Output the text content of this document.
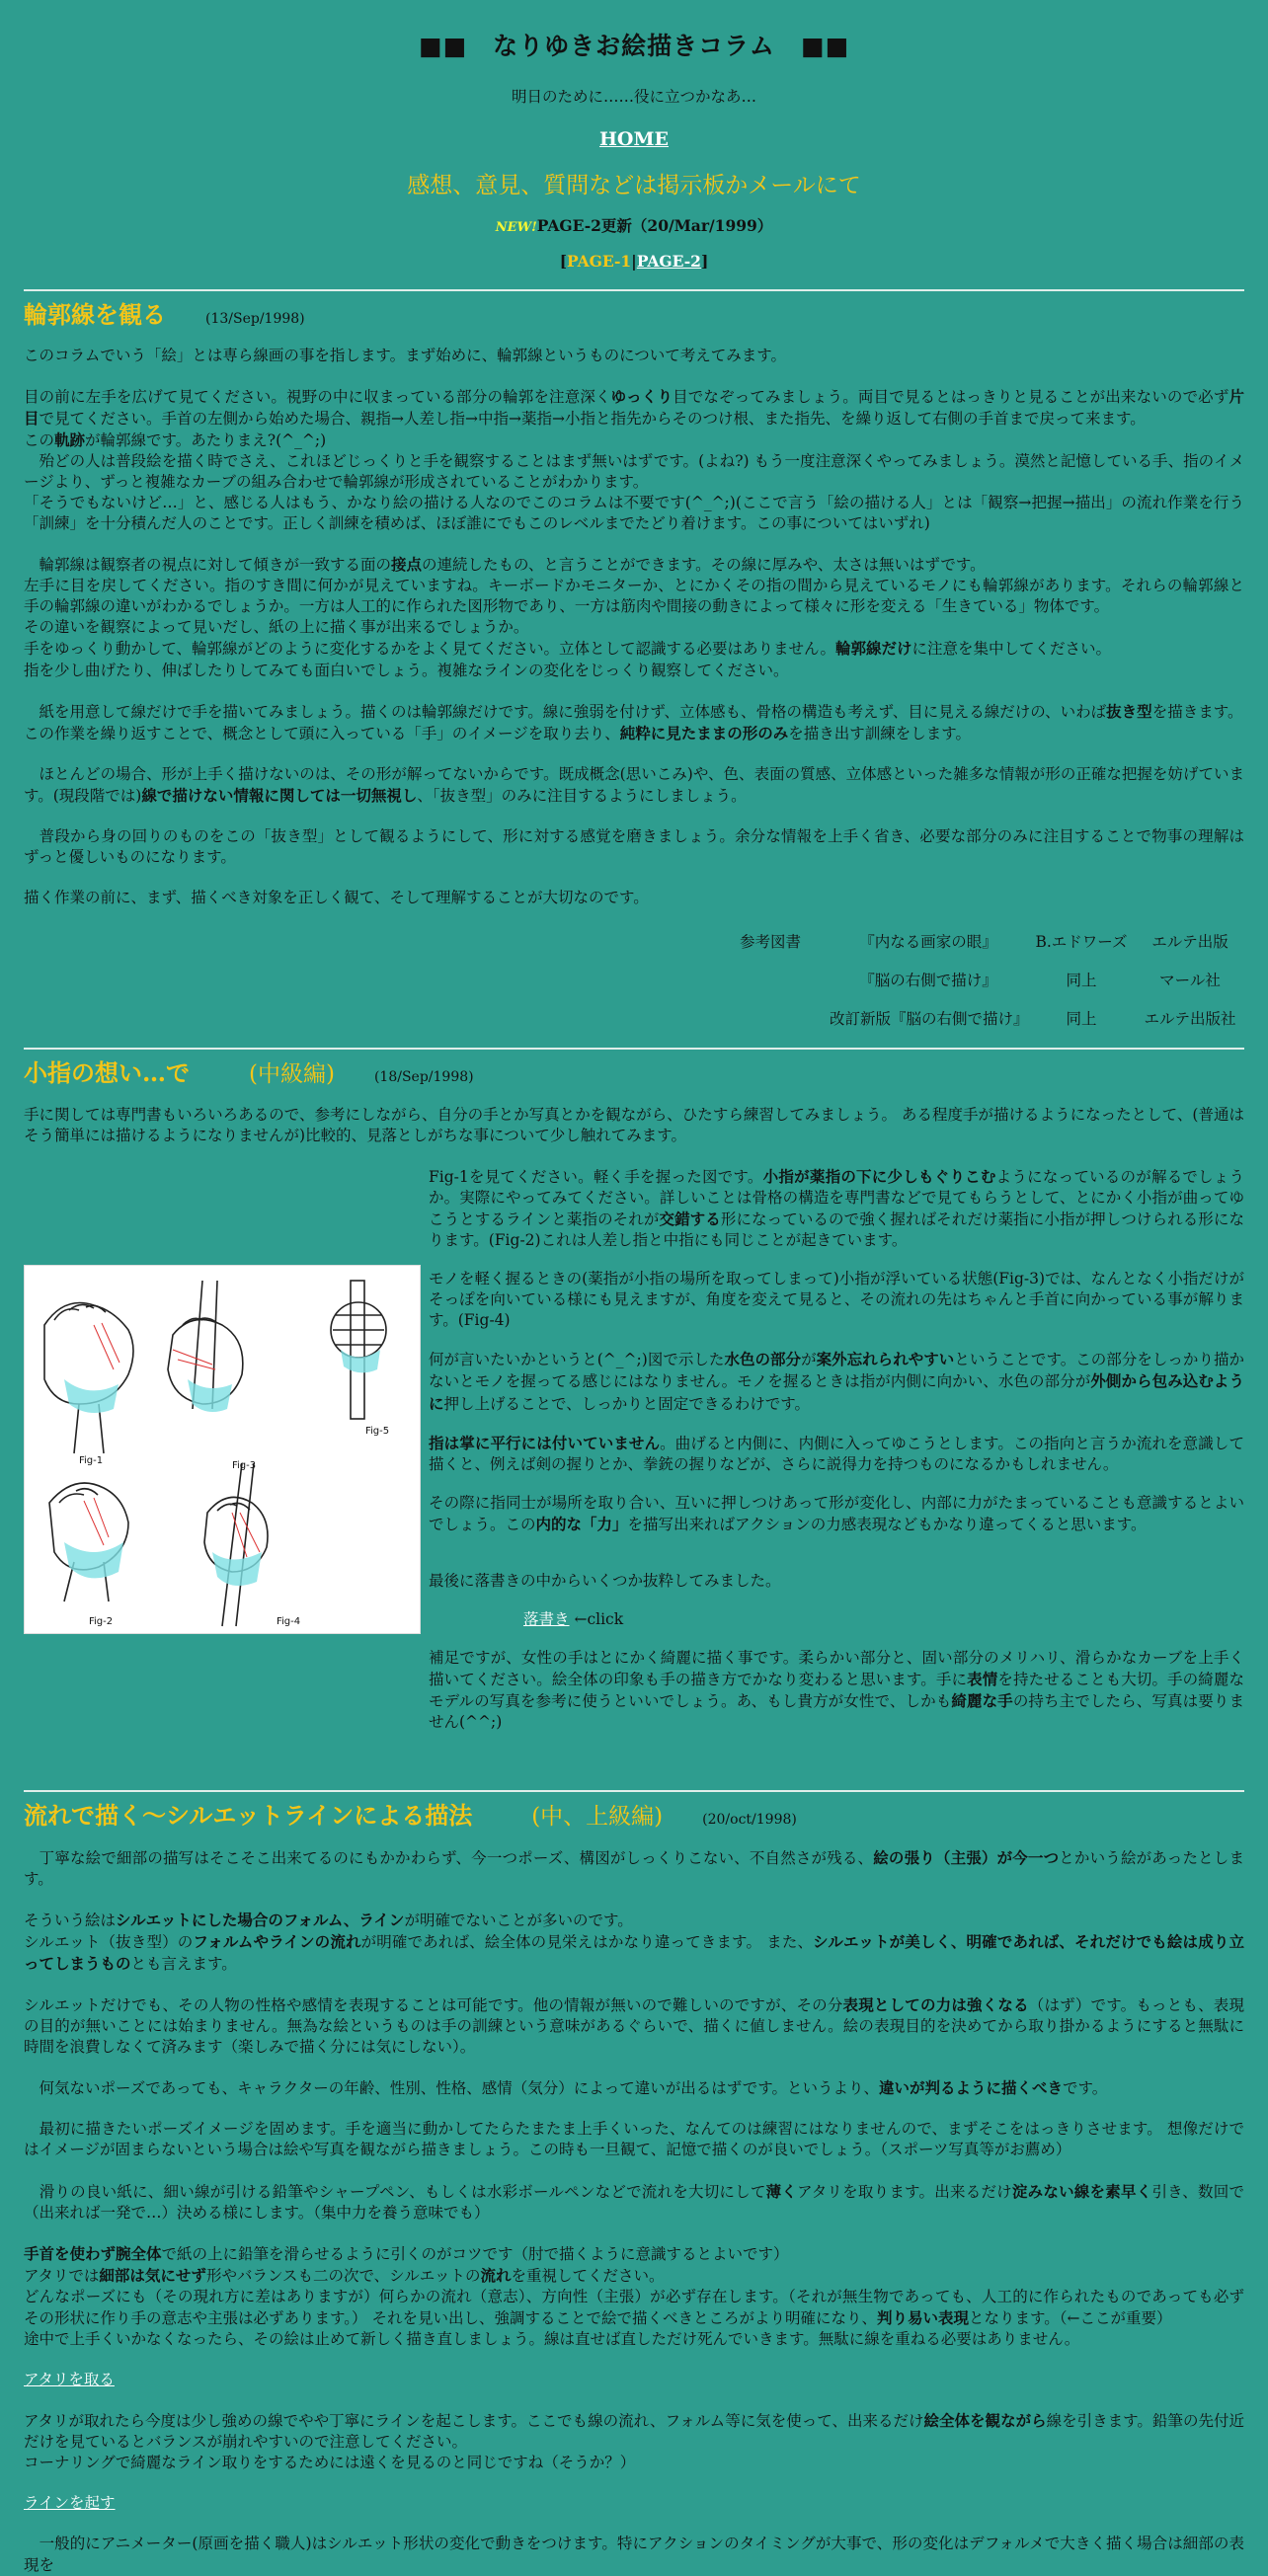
■■　なりゆきお絵描きコラム　■■
明日のために……役に立つかなあ…
HOME
感想、意見、質問などは掲示板かメールにて
NEW!PAGE-2更新（20/Mar/1999）
[PAGE-1|PAGE-2]
輪郭線を観る	(13/Sep/1998)

このコラムでいう「絵」とは専ら線画の事を指します。まず始めに、輪郭線というものについて考えてみます。

目の前に左手を広げて見てください。視野の中に収まっている部分の輪郭を注意深くゆっくり目でなぞってみましょう。両目で見るとはっきりと見ることが出来ないので必ず片目で見てください。手首の左側から始めた場合、親指→人差し指→中指→薬指→小指と指先からそのつけ根、また指先、を繰り返して右側の手首まで戻って来ます。

この軌跡が輪郭線です。あたりまえ?(^_^;)

　殆どの人は普段絵を描く時でさえ、これほどじっくりと手を観察することはまず無いはずです。(よね?) もう一度注意深くやってみましょう。漠然と記憶している手、指のイメージより、ずっと複雑なカーブの組み合わせで輪郭線が形成されていることがわかります。

「そうでもないけど…」と、感じる人はもう、かなり絵の描ける人なのでこのコラムは不要です(^_^;)(ここで言う「絵の描ける人」とは「観察→把握→描出」の流れ作業を行う「訓練」を十分積んだ人のことです。正しく訓練を積めば、ほぼ誰にでもこのレベルまでたどり着けます。この事についてはいずれ)

　輪郭線は観察者の視点に対して傾きが一致する面の接点の連続したもの、と言うことができます。その線に厚みや、太さは無いはずです。

左手に目を戻してください。指のすき間に何かが見えていますね。キーボードかモニターか、とにかくその指の間から見えているモノにも輪郭線があります。それらの輪郭線と手の輪郭線の違いがわかるでしょうか。一方は人工的に作られた図形物であり、一方は筋肉や間接の動きによって様々に形を変える「生きている」物体です。

その違いを観察によって見いだし、紙の上に描く事が出来るでしょうか。

手をゆっくり動かして、輪郭線がどのように変化するかをよく見てください。立体として認識する必要はありません。輪郭線だけに注意を集中してください。

指を少し曲げたり、伸ばしたりしてみても面白いでしょう。複雑なラインの変化をじっくり観察してください。

　紙を用意して線だけで手を描いてみましょう。描くのは輪郭線だけです。線に強弱を付けず、立体感も、骨格の構造も考えず、目に見える線だけの、いわば抜き型を描きます。

この作業を繰り返すことで、概念として頭に入っている「手」のイメージを取り去り、純粋に見たままの形のみを描き出す訓練をします。

　ほとんどの場合、形が上手く描けないのは、その形が解ってないからです。既成概念(思いこみ)や、色、表面の質感、立体感といった雑多な情報が形の正確な把握を妨げています。(現段階では)線で描けない情報に関しては一切無視し、「抜き型」のみに注目するようにしましょう。

　普段から身の回りのものをこの「抜き型」として観るようにして、形に対する感覚を磨きましょう。余分な情報を上手く省き、必要な部分のみに注目することで物事の理解はずっと優しいものになります。

描く作業の前に、まず、描くべき対象を正しく観て、そして理解することが大切なのです。

参考図書	『内なる画家の眼』	B.エドワーズ	エルテ出版
『脳の右側で描け』	同上	マール社
改訂新版『脳の右側で描け』	同上	エルテ出版社
小指の想い…で	(中級編)	(18/Sep/1998)

手に関しては専門書もいろいろあるので、参考にしながら、自分の手とか写真とかを観ながら、ひたすら練習してみましょう。 ある程度手が描けるようになったとして、(普通はそう簡単には描けるようになりませんが)比較的、見落としがちな事について少し触れてみます。

Fig-1
Fig-2
Fig-3
Fig-4
Fig-5

Fig-1を見てください。軽く手を握った図です。小指が薬指の下に少しもぐりこむようになっているのが解るでしょうか。実際にやってみてください。詳しいことは骨格の構造を専門書などで見てもらうとして、とにかく小指が曲ってゆこうとするラインと薬指のそれが交錯する形になっているので強く握ればそれだけ薬指に小指が押しつけられる形になります。(Fig-2)これは人差し指と中指にも同じことが起きています。

モノを軽く握るときの(薬指が小指の場所を取ってしまって)小指が浮いている状態(Fig-3)では、なんとなく小指だけがそっぽを向いている様にも見えますが、角度を変えて見ると、その流れの先はちゃんと手首に向かっている事が解ります。(Fig-4)

何が言いたいかというと(^_^;)図で示した水色の部分が案外忘れられやすいということです。この部分をしっかり描かないとモノを握ってる感じにはなりません。モノを握るときは指が内側に向かい、水色の部分が外側から包み込むように押し上げることで、しっかりと固定できるわけです。

指は掌に平行には付いていません。曲げると内側に、内側に入ってゆこうとします。この指向と言うか流れを意識して描くと、例えば剣の握りとか、拳銃の握りなどが、さらに説得力を持つものになるかもしれません。

その際に指同士が場所を取り合い、互いに押しつけあって形が変化し、内部に力がたまっていることも意識するとよいでしょう。この内的な「力」を描写出来ればアクションの力感表現などもかなり違ってくると思います。

最後に落書きの中からいくつか抜粋してみました。

落書き ←click

補足ですが、女性の手はとにかく綺麗に描く事です。柔らかい部分と、固い部分のメリハリ、滑らかなカーブを上手く描いてください。絵全体の印象も手の描き方でかなり変わると思います。手に表情を持たせることも大切。手の綺麗なモデルの写真を参考に使うといいでしょう。あ、もし貴方が女性で、しかも綺麗な手の持ち主でしたら、写真は要りません(^^;)

流れで描く～シルエットラインによる描法	(中、上級編)	(20/oct/1998)

　丁寧な絵で細部の描写はそこそこ出来てるのにもかかわらず、今一つポーズ、構図がしっくりこない、不自然さが残る、絵の張り（主張）が今一つとかいう絵があったとします。

そういう絵はシルエットにした場合のフォルム、ラインが明確でないことが多いのです。

シルエット（抜き型）のフォルムやラインの流れが明確であれば、絵全体の見栄えはかなり違ってきます。 また、シルエットが美しく、明確であれば、それだけでも絵は成り立ってしまうものとも言えます。

シルエットだけでも、その人物の性格や感情を表現することは可能です。他の情報が無いので難しいのですが、その分表現としての力は強くなる（はず）です。もっとも、表現の目的が無いことには始まりません。無為な絵というものは手の訓練という意味があるぐらいで、描くに値しません。絵の表現目的を決めてから取り掛かるようにすると無駄に時間を浪費しなくて済みます（楽しみで描く分には気にしない）。

　何気ないポーズであっても、キャラクターの年齢、性別、性格、感情（気分）によって違いが出るはずです。というより、違いが判るように描くべきです。

　最初に描きたいポーズイメージを固めます。手を適当に動かしてたらたまたま上手くいった、なんてのは練習にはなりませんので、まずそこをはっきりさせます。 想像だけではイメージが固まらないという場合は絵や写真を観ながら描きましょう。この時も一旦観て、記憶で描くのが良いでしょう。（スポーツ写真等がお薦め）

　滑りの良い紙に、細い線が引ける鉛筆やシャープペン、もしくは水彩ボールペンなどで流れを大切にして薄くアタリを取ります。出来るだけ淀みない線を素早く引き、数回で（出来れば一発で…）決める様にします。（集中力を養う意味でも）

手首を使わず腕全体で紙の上に鉛筆を滑らせるように引くのがコツです（肘で描くように意識するとよいです）

アタリでは細部は気にせず形やバランスも二の次で、シルエットの流れを重視してください。

どんなポーズにも（その現れ方に差はありますが）何らかの流れ（意志）、方向性（主張）が必ず存在します。（それが無生物であっても、人工的に作られたものであっても必ずその形状に作り手の意志や主張は必ずあります。） それを見い出し、強調することで絵で描くべきところがより明確になり、判り易い表現となります。（←ここが重要）

途中で上手くいかなくなったら、その絵は止めて新しく描き直しましょう。線は直せば直しただけ死んでいきます。無駄に線を重ねる必要はありません。

アタリを取る

アタリが取れたら今度は少し強めの線でやや丁寧にラインを起こします。ここでも線の流れ、フォルム等に気を使って、出来るだけ絵全体を観ながら線を引きます。鉛筆の先付近だけを見ているとバランスが崩れやすいので注意してください。

コーナリングで綺麗なライン取りをするためには遠くを見るのと同じですね（そうか？）

ラインを起す

　一般的にアニメーター(原画を描く職人)はシルエット形状の変化で動きをつけます。特にアクションのタイミングが大事で、形の変化はデフォルメで大きく描く場合は細部の表現を
